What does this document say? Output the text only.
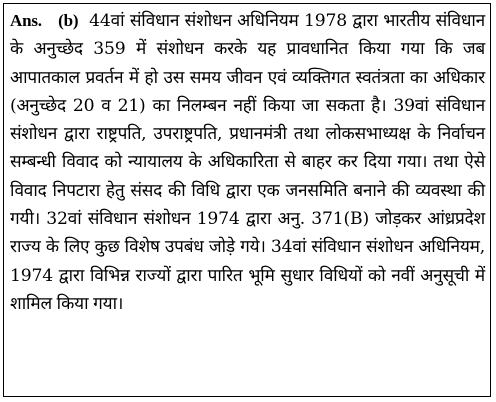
Ans. (b) 44वां संविधान संशोधन अधिनियम 1978 द्वारा भारतीय संविधान के अनुच्छेद 359 में संशोधन करके यह प्रावधानित किया गया कि जब आपातकाल प्रवर्तन में हो उस समय जीवन एवं व्यक्तिगत स्वतंत्रता का अधिकार (अनुच्छेद 20 व 21) का निलम्बन नहीं किया जा सकता है। 39वां संविधान संशोधन द्वारा राष्ट्रपति, उपराष्ट्रपति, प्रधानमंत्री तथा लोकसभाध्यक्ष के निर्वाचन सम्बन्धी विवाद को न्यायालय के अधिकारिता से बाहर कर दिया गया। तथा ऐसे विवाद निपटारा हेतु संसद की विधि द्वारा एक जनसमिति बनाने की व्यवस्था की गयी। 32वां संविधान संशोधन 1974 द्वारा अनु. 371(B) जोड़कर आंध्रप्रदेश राज्य के लिए कुछ विशेष उपबंध जोड़े गये। 34वां संविधान संशोधन अधिनियम, 1974 द्वारा विभिन्न राज्यों द्वारा पारित भूमि सुधार विधियों को नवीं अनुसूची में शामिल किया गया।
